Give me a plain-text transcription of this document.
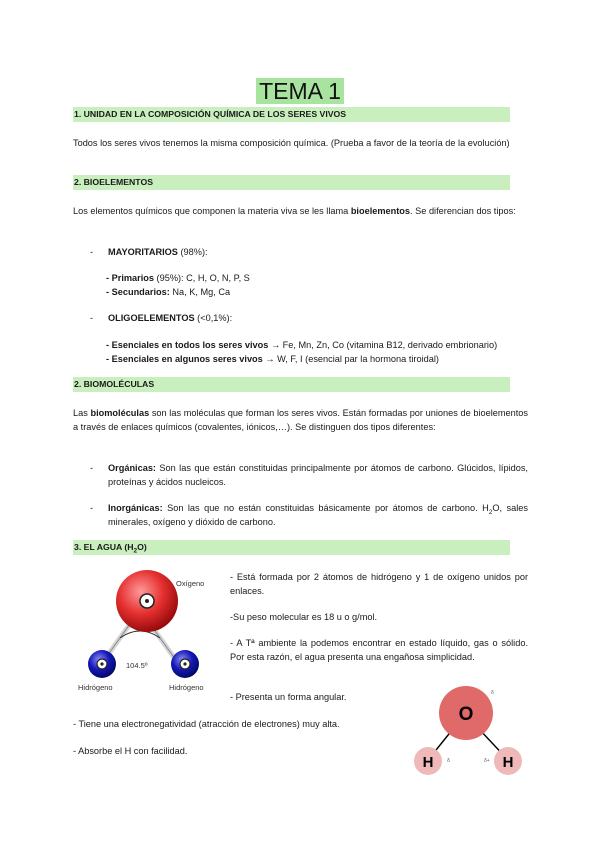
TEMA 1
1. UNIDAD EN LA COMPOSICIÓN QUÍMICA DE LOS SERES VIVOS
Todos los seres vivos tenemos la misma composición química. (Prueba a favor de la teoría de la evolución)
2. BIOELEMENTOS
Los elementos químicos que componen la materia viva se les llama bioelementos. Se diferencian dos tipos:
- MAYORITARIOS (98%):
- Primarios (95%): C, H, O, N, P, S
- Secundarios: Na, K, Mg, Ca
- OLIGOELEMENTOS (<0,1%):
- Esenciales en todos los seres vivos → Fe, Mn, Zn, Co (vitamina B12, derivado embrionario)
- Esenciales en algunos seres vivos → W, F, I (esencial par la hormona tiroidal)
2. BIOMOLÉCULAS
Las biomoléculas son las moléculas que forman los seres vivos. Están formadas por uniones de bioelementos a través de enlaces químicos (covalentes, iónicos,…). Se distinguen dos tipos diferentes:
- Orgánicas: Son las que están constituidas principalmente por átomos de carbono. Glúcidos, lípidos, proteínas y ácidos nucleicos.
- Inorgánicas: Son las que no están constituidas básicamente por átomos de carbono. $H_2O$, sales minerales, oxígeno y dióxido de carbono.
3. EL AGUA $(H_2O)$
Oxígeno
104.5º
Hidrógeno	Hidrógeno
- Está formada por 2 átomos de hidrógeno y 1 de oxígeno unidos por enlaces.
-Su peso molecular es 18 u o g/mol.
- A Tª ambiente la podemos encontrar en estado líquido, gas o sólido. Por esta razón, el agua presenta una engañosa simplicidad.
- Presenta un forma angular.
- Tiene una electronegatividad (atracción de electrones) muy alta.
- Absorbe el H con facilidad.
O
H	H
δ
δ	δ+
